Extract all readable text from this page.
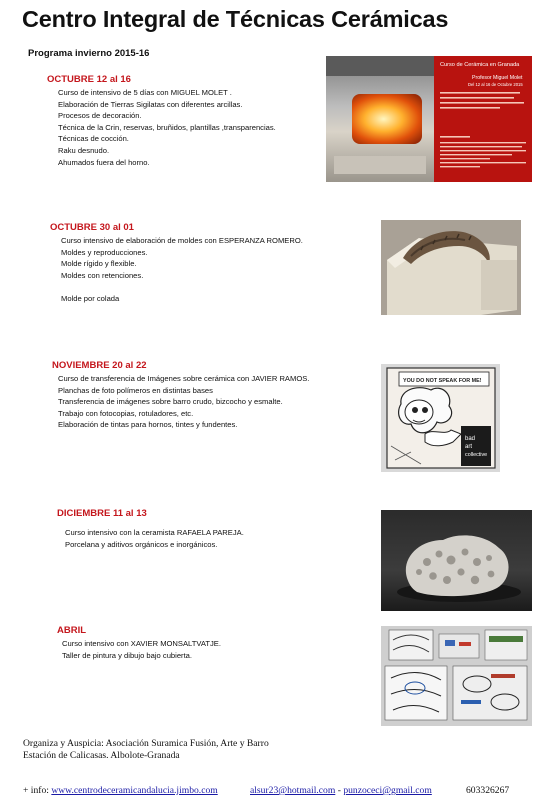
Centro Integral de Técnicas Cerámicas
Programa invierno 2015-16
OCTUBRE 12 al 16
Curso de intensivo de 5 días con MIGUEL MOLET .
Elaboración de Tierras Sigilatas con diferentes arcillas.
Procesos de decoración.
Técnica de la Crin, reservas, bruñidos, plantillas ,transparencias.
Técnicas de cocción.
Raku desnudo.
Ahumados fuera del horno.
OCTUBRE 30 al 01
Curso intensivo de elaboración de moldes con ESPERANZA ROMERO.
Moldes y reproducciones.
Molde rígido y flexible.
Moldes con retenciones.
Molde por colada
NOVIEMBRE 20 al 22
Curso de transferencia de Imágenes sobre cerámica con JAVIER RAMOS.
Planchas de foto polímeros en distintas bases
Transferencia de imágenes sobre barro crudo, bizcocho y esmalte.
Trabajo con fotocopias, rotuladores, etc.
Elaboración de tintas para hornos, tintes y fundentes.
DICIEMBRE 11 al 13
Curso intensivo con la ceramista RAFAELA PAREJA.
Porcelana y aditivos orgánicos e inorgánicos.
ABRIL
Curso intensivo con XAVIER MONSALTVATJE.
Taller de pintura y dibujo bajo cubierta.
Curso de Cerámica en Granada
Profesor Miguel Molet
Del 12 al 16 de Octubre 2015
YOU DO NOT SPEAK FOR ME!
bad
art
collective
Organiza y Auspicia: Asociación Suramica Fusión, Arte y Barro
Estación de Calicasas. Albolote-Granada
+ info: www.centrodeceramicandalucia.jimbo.com	alsur23@hotmail.com - punzoceci@gmail.com	603326267
